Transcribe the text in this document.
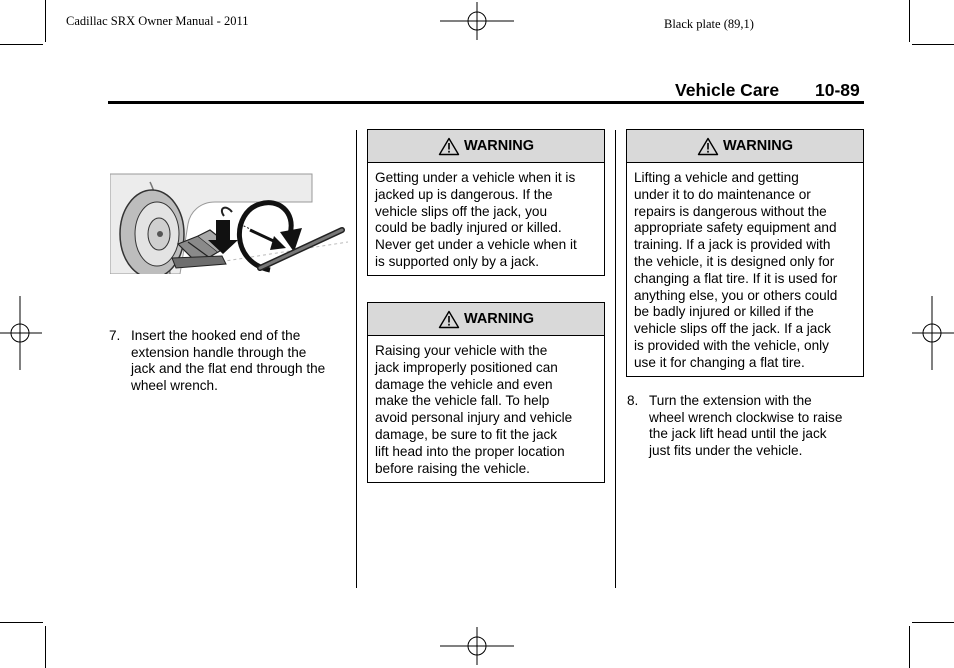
Cadillac SRX Owner Manual - 2011	Black plate (89,1)
Vehicle Care 10-89
7. Insert the hooked end of the
extension handle through the
jack and the flat end through the
wheel wrench.
WARNING
Getting under a vehicle when it is
jacked up is dangerous. If the
vehicle slips off the jack, you
could be badly injured or killed.
Never get under a vehicle when it
is supported only by a jack.
WARNING
Raising your vehicle with the
jack improperly positioned can
damage the vehicle and even
make the vehicle fall. To help
avoid personal injury and vehicle
damage, be sure to fit the jack
lift head into the proper location
before raising the vehicle.
WARNING
Lifting a vehicle and getting
under it to do maintenance or
repairs is dangerous without the
appropriate safety equipment and
training. If a jack is provided with
the vehicle, it is designed only for
changing a flat tire. If it is used for
anything else, you or others could
be badly injured or killed if the
vehicle slips off the jack. If a jack
is provided with the vehicle, only
use it for changing a flat tire.
8. Turn the extension with the
wheel wrench clockwise to raise
the jack lift head until the jack
just fits under the vehicle.
